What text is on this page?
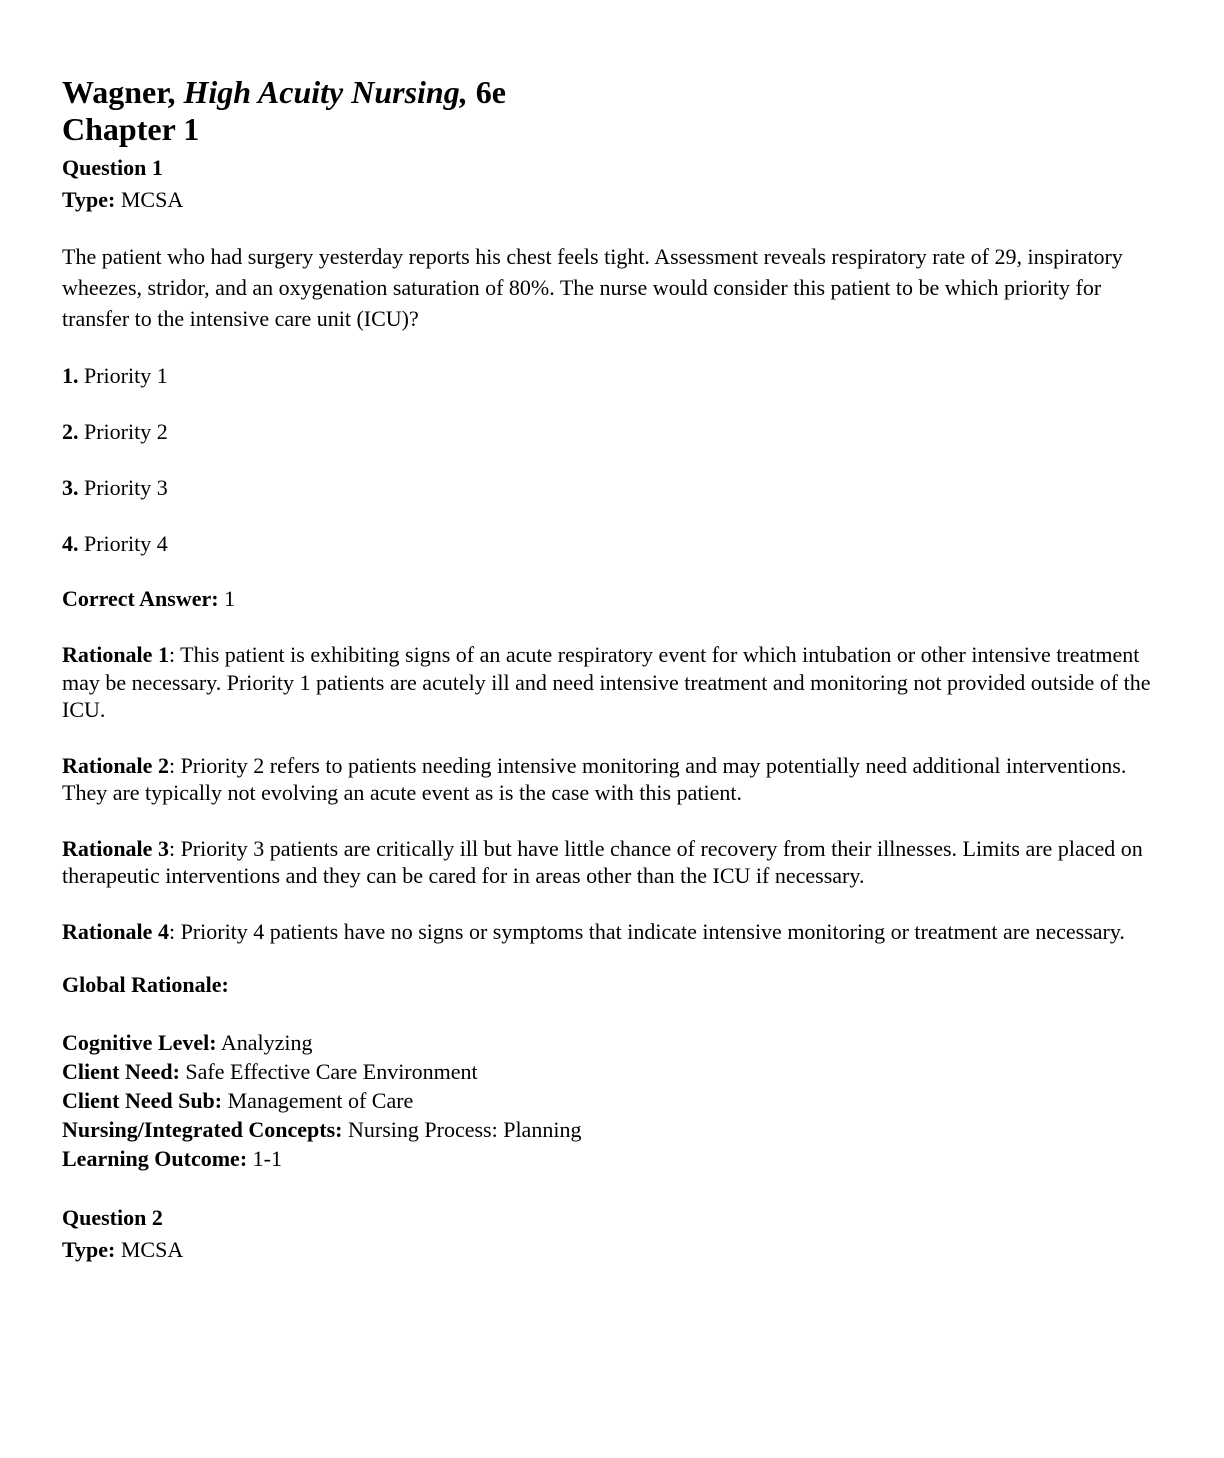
Wagner, High Acuity Nursing, 6e
Chapter 1
Question 1
Type: MCSA

The patient who had surgery yesterday reports his chest feels tight. Assessment reveals respiratory rate of 29, inspiratory wheezes, stridor, and an oxygenation saturation of 80%. The nurse would consider this patient to be which priority for transfer to the intensive care unit (ICU)?

1. Priority 1
2. Priority 2
3. Priority 3
4. Priority 4
Correct Answer: 1
Rationale 1: This patient is exhibiting signs of an acute respiratory event for which intubation or other intensive treatment may be necessary. Priority 1 patients are acutely ill and need intensive treatment and monitoring not provided outside of the ICU.
Rationale 2: Priority 2 refers to patients needing intensive monitoring and may potentially need additional interventions. They are typically not evolving an acute event as is the case with this patient.
Rationale 3: Priority 3 patients are critically ill but have little chance of recovery from their illnesses. Limits are placed on therapeutic interventions and they can be cared for in areas other than the ICU if necessary.
Rationale 4: Priority 4 patients have no signs or symptoms that indicate intensive monitoring or treatment are necessary.
Global Rationale:
Cognitive Level: Analyzing
Client Need: Safe Effective Care Environment
Client Need Sub: Management of Care
Nursing/Integrated Concepts: Nursing Process: Planning
Learning Outcome: 1-1
Question 2
Type: MCSA
